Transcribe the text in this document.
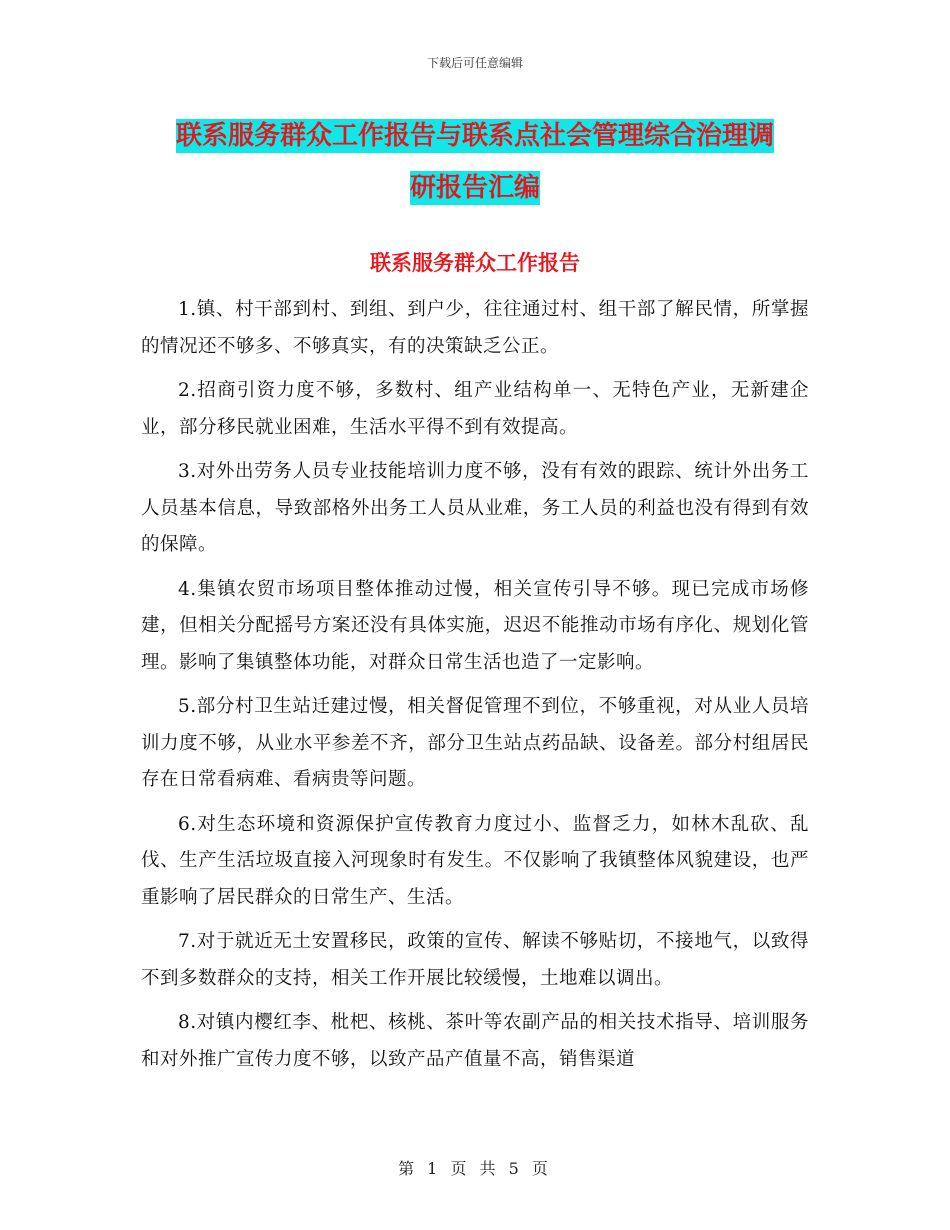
下载后可任意编辑
联系服务群众工作报告与联系点社会管理综合治理调
研报告汇编
联系服务群众工作报告

1.镇、村干部到村、到组、到户少，往往通过村、组干部了解民情，所掌握的情况还不够多、不够真实，有的决策缺乏公正。

2.招商引资力度不够，多数村、组产业结构单一、无特色产业，无新建企业，部分移民就业困难，生活水平得不到有效提高。

3.对外出劳务人员专业技能培训力度不够，没有有效的跟踪、统计外出务工人员基本信息，导致部格外出务工人员从业难，务工人员的利益也没有得到有效的保障。

4.集镇农贸市场项目整体推动过慢，相关宣传引导不够。现已完成市场修建，但相关分配摇号方案还没有具体实施，迟迟不能推动市场有序化、规划化管理。影响了集镇整体功能，对群众日常生活也造了一定影响。

5.部分村卫生站迁建过慢，相关督促管理不到位，不够重视，对从业人员培训力度不够，从业水平参差不齐，部分卫生站点药品缺、设备差。部分村组居民存在日常看病难、看病贵等问题。

6.对生态环境和资源保护宣传教育力度过小、监督乏力，如林木乱砍、乱伐、生产生活垃圾直接入河现象时有发生。不仅影响了我镇整体风貌建设，也严重影响了居民群众的日常生产、生活。

7.对于就近无土安置移民，政策的宣传、解读不够贴切，不接地气，以致得不到多数群众的支持，相关工作开展比较缓慢，土地难以调出。

8.对镇内樱红李、枇杷、核桃、茶叶等农副产品的相关技术指导、培训服务和对外推广宣传力度不够，以致产品产值量不高，销售渠道

第 1 页 共 5 页
